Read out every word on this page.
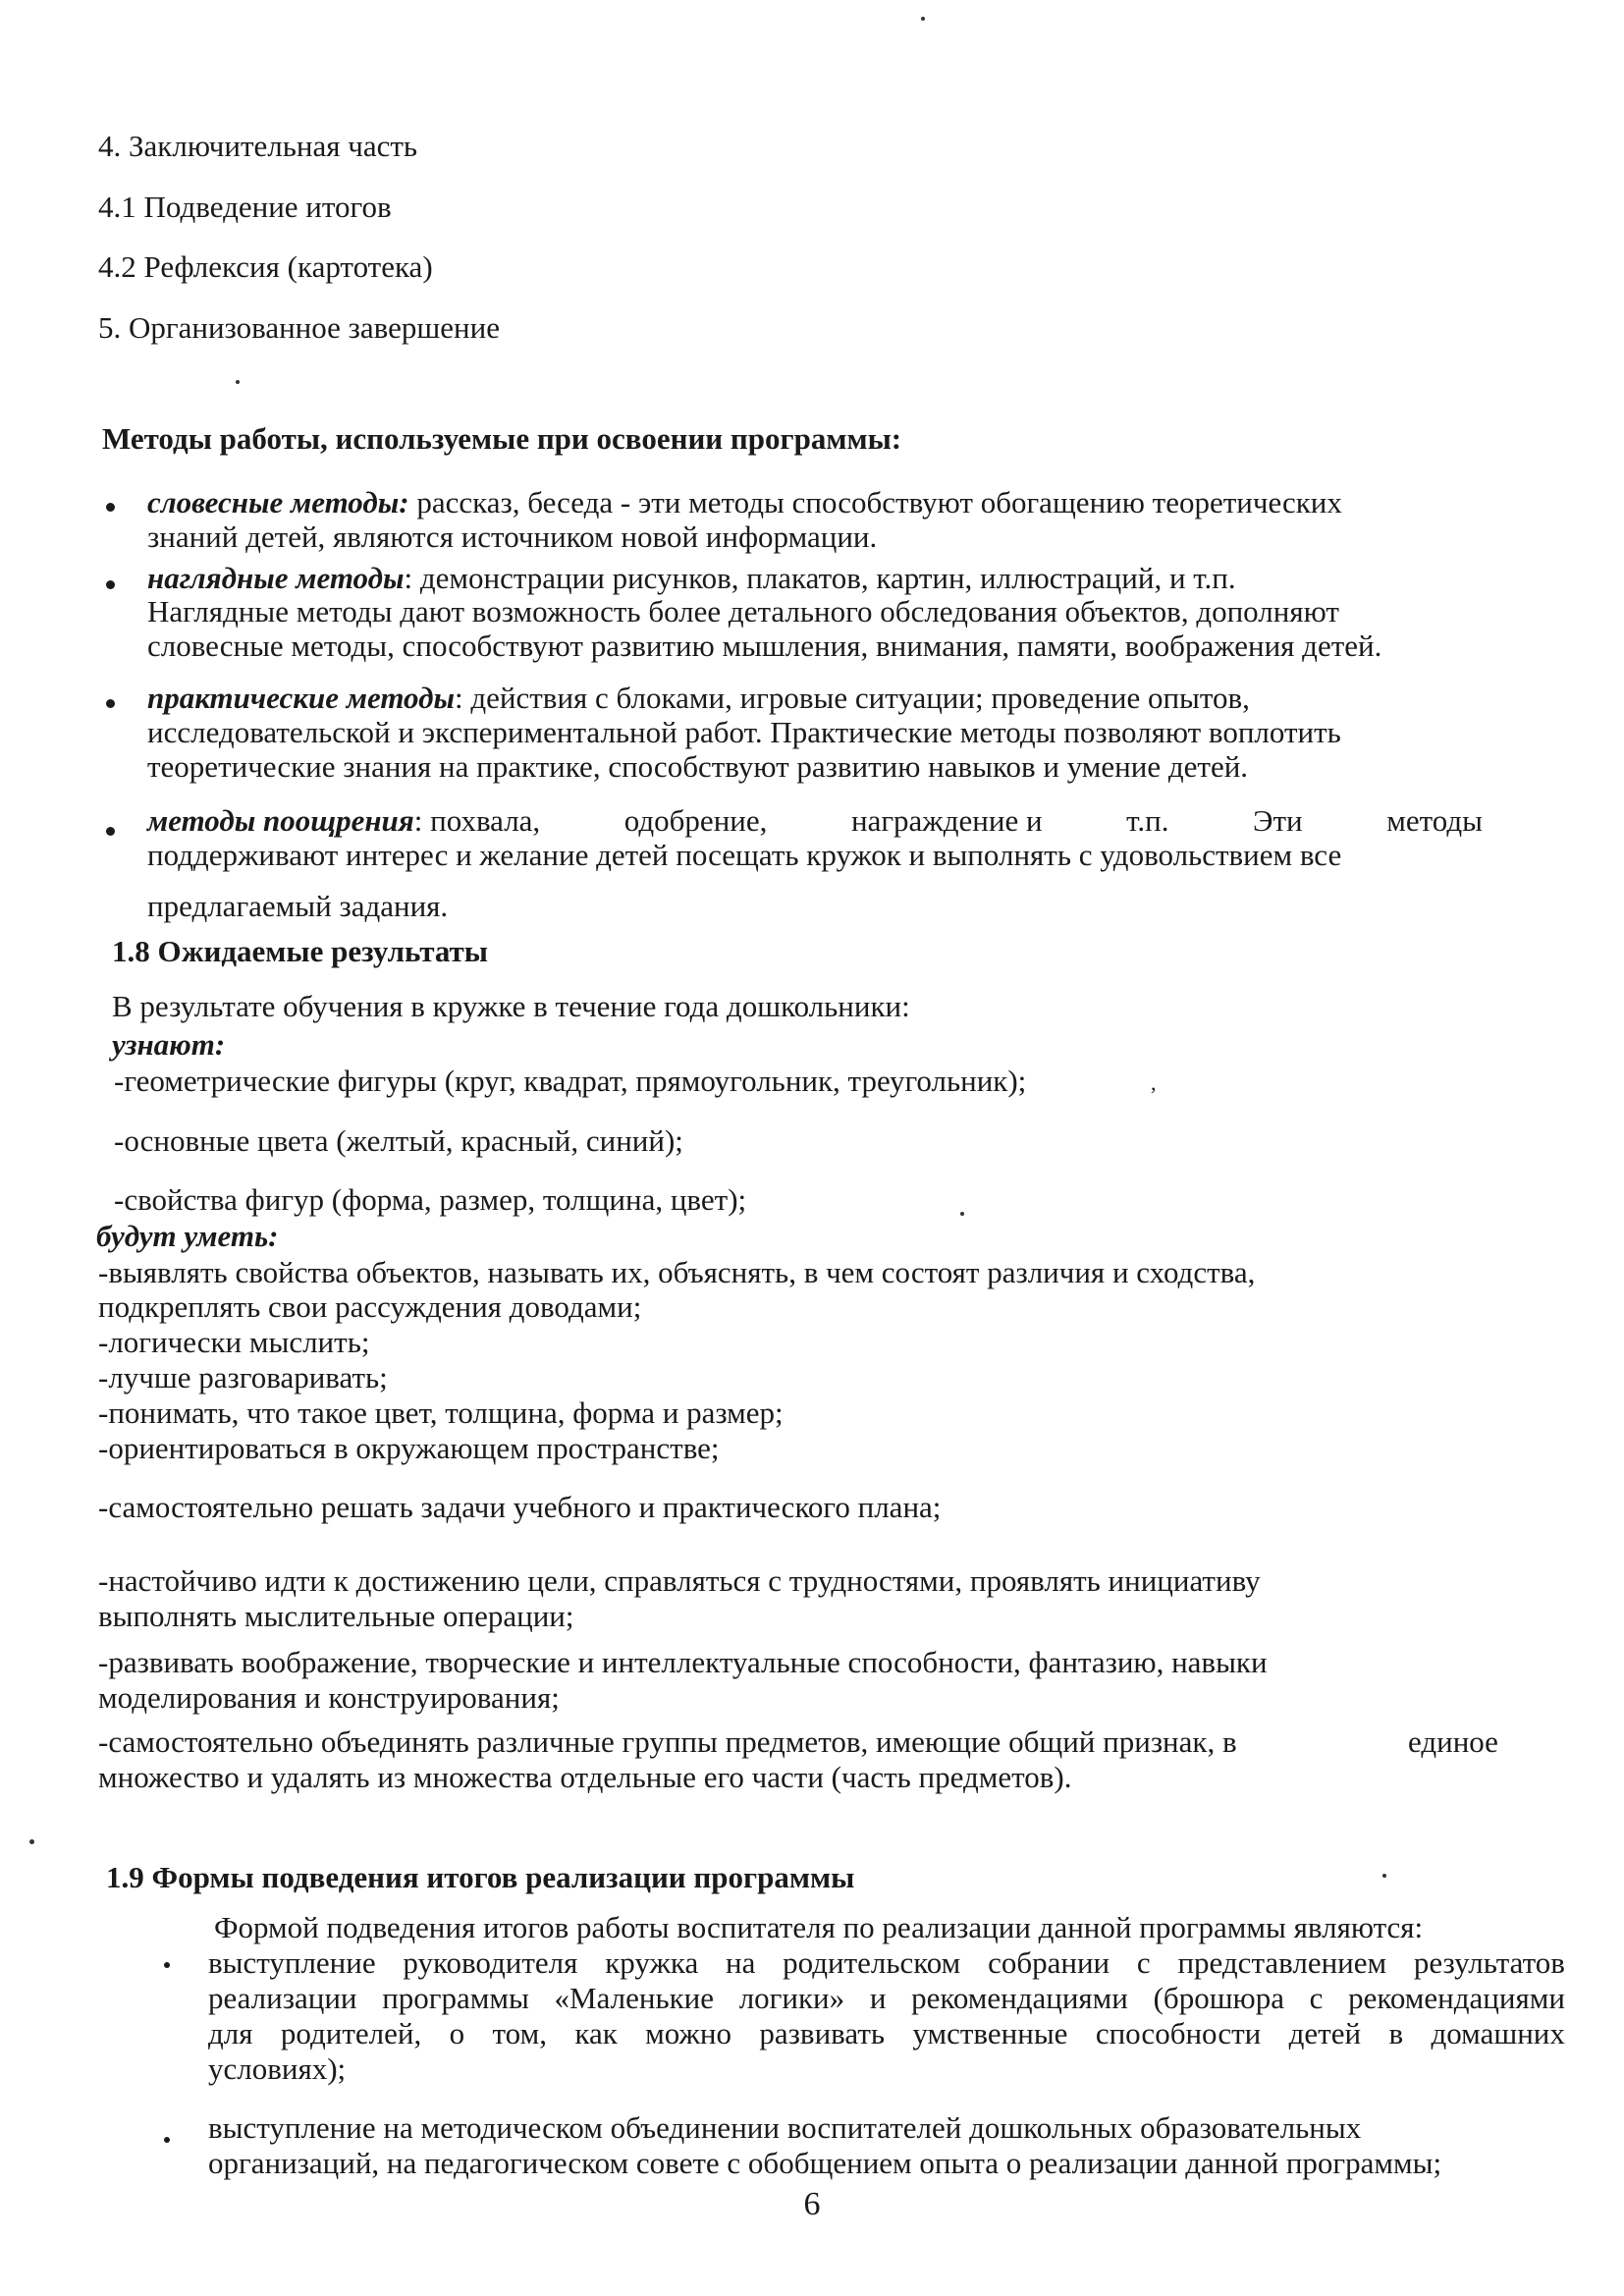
4. Заключительная часть
4.1 Подведение итогов
4.2 Рефлексия (картотека)
5. Организованное завершение
Методы работы, используемые при освоении программы:
словесные методы: рассказ, беседа - эти методы способствуют обогащению теоретических
знаний детей, являются источником новой информации.
наглядные методы: демонстрации рисунков, плакатов, картин, иллюстраций, и т.п.
Наглядные методы дают возможность более детального обследования объектов, дополняют
словесные методы, способствуют развитию мышления, внимания, памяти, воображения детей.
практические методы: действия с блоками, игровые ситуации; проведение опытов,
исследовательской и экспериментальной работ. Практические методы позволяют воплотить
теоретические знания на практике, способствуют развитию навыков и умение детей.
методы поощрения: похвала,	одобрение,	награждение и	т.п.	Эти	методы
поддерживают интерес и желание детей посещать кружок и выполнять с удовольствием все
предлагаемый задания.
1.8 Ожидаемые результаты
В результате обучения в кружке в течение года дошкольники:
узнают:
-геометрические фигуры (круг, квадрат, прямоугольник, треугольник);	,
-основные цвета (желтый, красный, синий);
-свойства фигур (форма, размер, толщина, цвет);
будут уметь:
-выявлять свойства объектов, называть их, объяснять, в чем состоят различия и сходства,
подкреплять свои рассуждения доводами;
-логически мыслить;
-лучше разговаривать;
-понимать, что такое цвет, толщина, форма и размер;
-ориентироваться в окружающем пространстве;
-самостоятельно решать задачи учебного и практического плана;
-настойчиво идти к достижению цели, справляться с трудностями, проявлять инициативу
выполнять мыслительные операции;
-развивать воображение, творческие и интеллектуальные способности, фантазию, навыки
моделирования и конструирования;
-самостоятельно объединять различные группы предметов, имеющие общий признак, в	единое
множество и удалять из множества отдельные его части (часть предметов).
1.9 Формы подведения итогов реализации программы
Формой подведения итогов работы воспитателя по реализации данной программы являются:
выступление руководителя кружка на родительском собрании с представлением результатов
реализации программы «Маленькие логики» и рекомендациями (брошюра с рекомендациями
для родителей, о том, как можно развивать умственные способности детей в домашних
условиях);
выступление на методическом объединении воспитателей дошкольных образовательных
организаций, на педагогическом совете с обобщением опыта о реализации данной программы;
6
